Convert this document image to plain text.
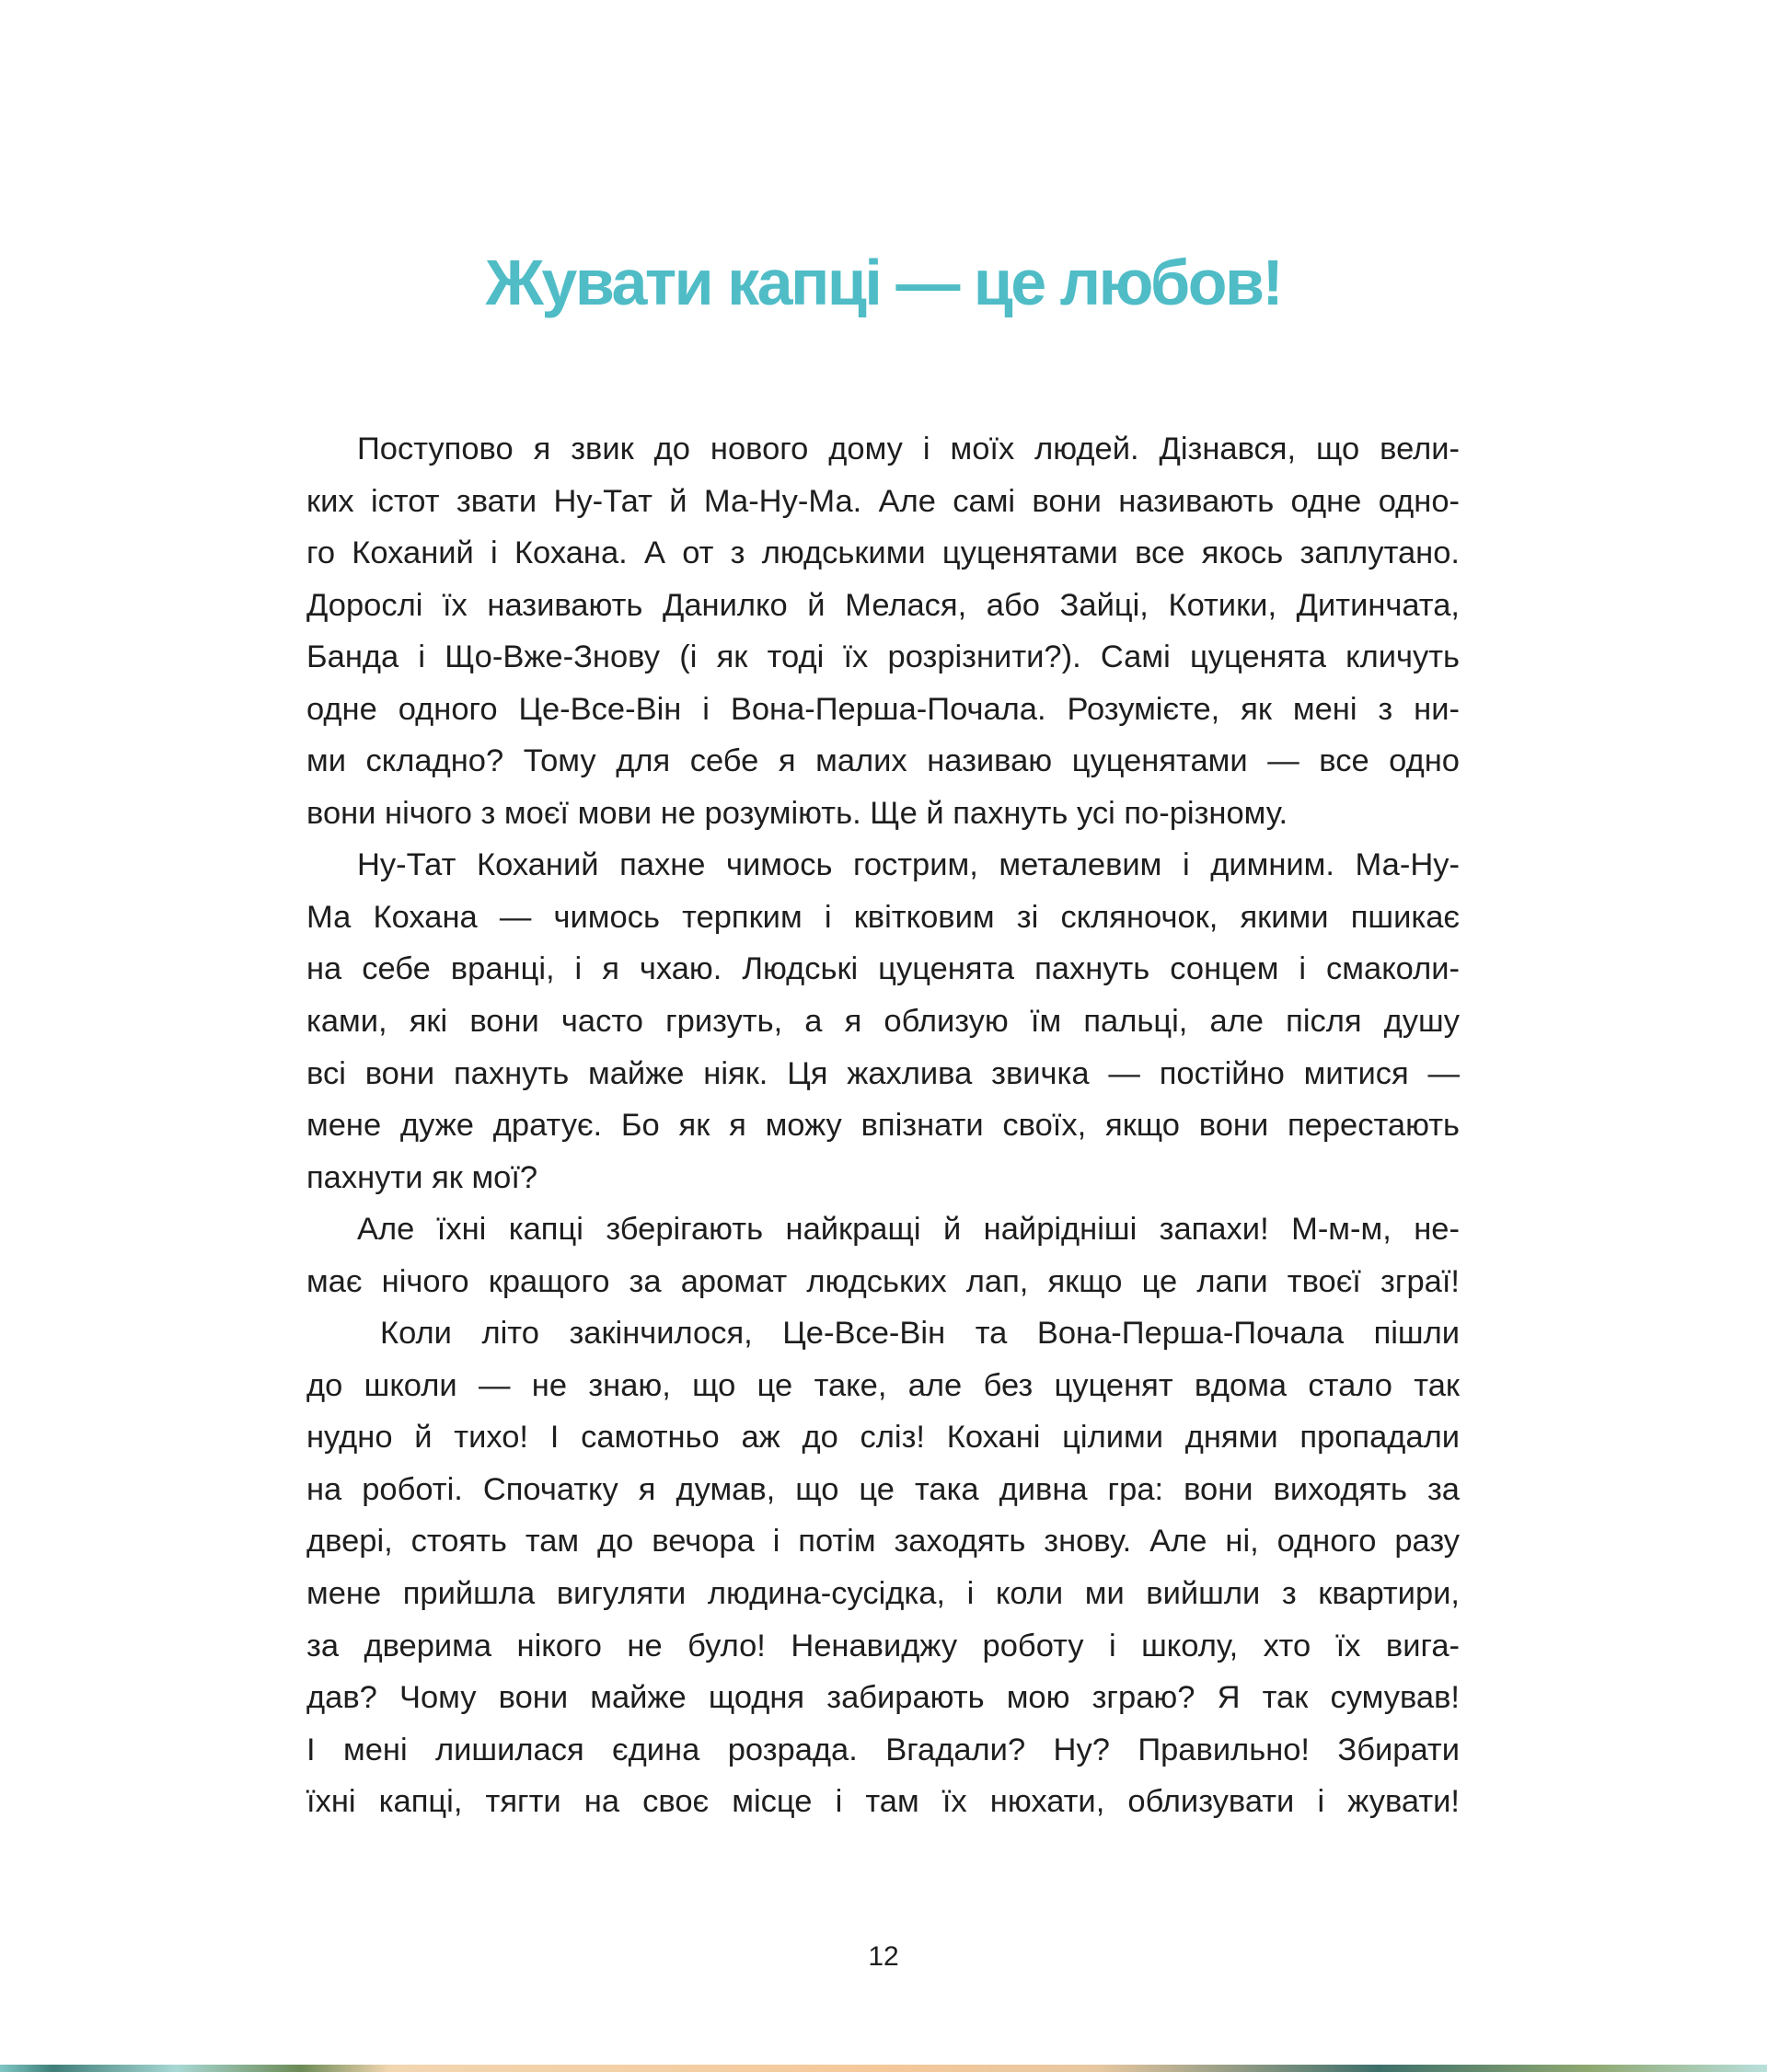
Жувати капці — це любов!
Поступово я звик до нового дому і моїх людей. Дізнався, що вели-
ких істот звати Ну-Тат й Ма-Ну-Ма. Але самі вони називають одне одно-
го Коханий і Кохана. А от з людськими цуценятами все якось заплутано.
Дорослі їх називають Данилко й Мелася, або Зайці, Котики, Дитинчата,
Банда і Що-Вже-Знову (і як тоді їх розрізнити?). Самі цуценята кличуть
одне одного Це-Все-Він і Вона-Перша-Почала. Розумієте, як мені з ни-
ми складно? Тому для себе я малих називаю цуценятами — все одно
вони нічого з моєї мови не розуміють. Ще й пахнуть усі по-різному.
Ну-Тат Коханий пахне чимось гострим, металевим і димним. Ма-Ну-
Ма Кохана — чимось терпким і квітковим зі скляночок, якими пшикає
на себе вранці, і я чхаю. Людські цуценята пахнуть сонцем і смаколи-
ками, які вони часто гризуть, а я облизую їм пальці, але після душу
всі вони пахнуть майже ніяк. Ця жахлива звичка — постійно митися —
мене дуже дратує. Бо як я можу впізнати своїх, якщо вони перестають
пахнути як мої?
Але їхні капці зберігають найкращі й найрідніші запахи! М-м-м, не-
має нічого кращого за аромат людських лап, якщо це лапи твоєї зграї!
Коли літо закінчилося, Це-Все-Він та Вона-Перша-Почала пішли
до школи — не знаю, що це таке, але без цуценят вдома стало так
нудно й тихо! І самотньо аж до сліз! Кохані цілими днями пропадали
на роботі. Спочатку я думав, що це така дивна гра: вони виходять за
двері, стоять там до вечора і потім заходять знову. Але ні, одного разу
мене прийшла вигуляти людина-сусідка, і коли ми вийшли з квартири,
за дверима нікого не було! Ненавиджу роботу і школу, хто їх вига-
дав? Чому вони майже щодня забирають мою зграю? Я так сумував!
І мені лишилася єдина розрада. Вгадали? Ну? Правильно! Збирати
їхні капці, тягти на своє місце і там їх нюхати, облизувати і жувати!
12
